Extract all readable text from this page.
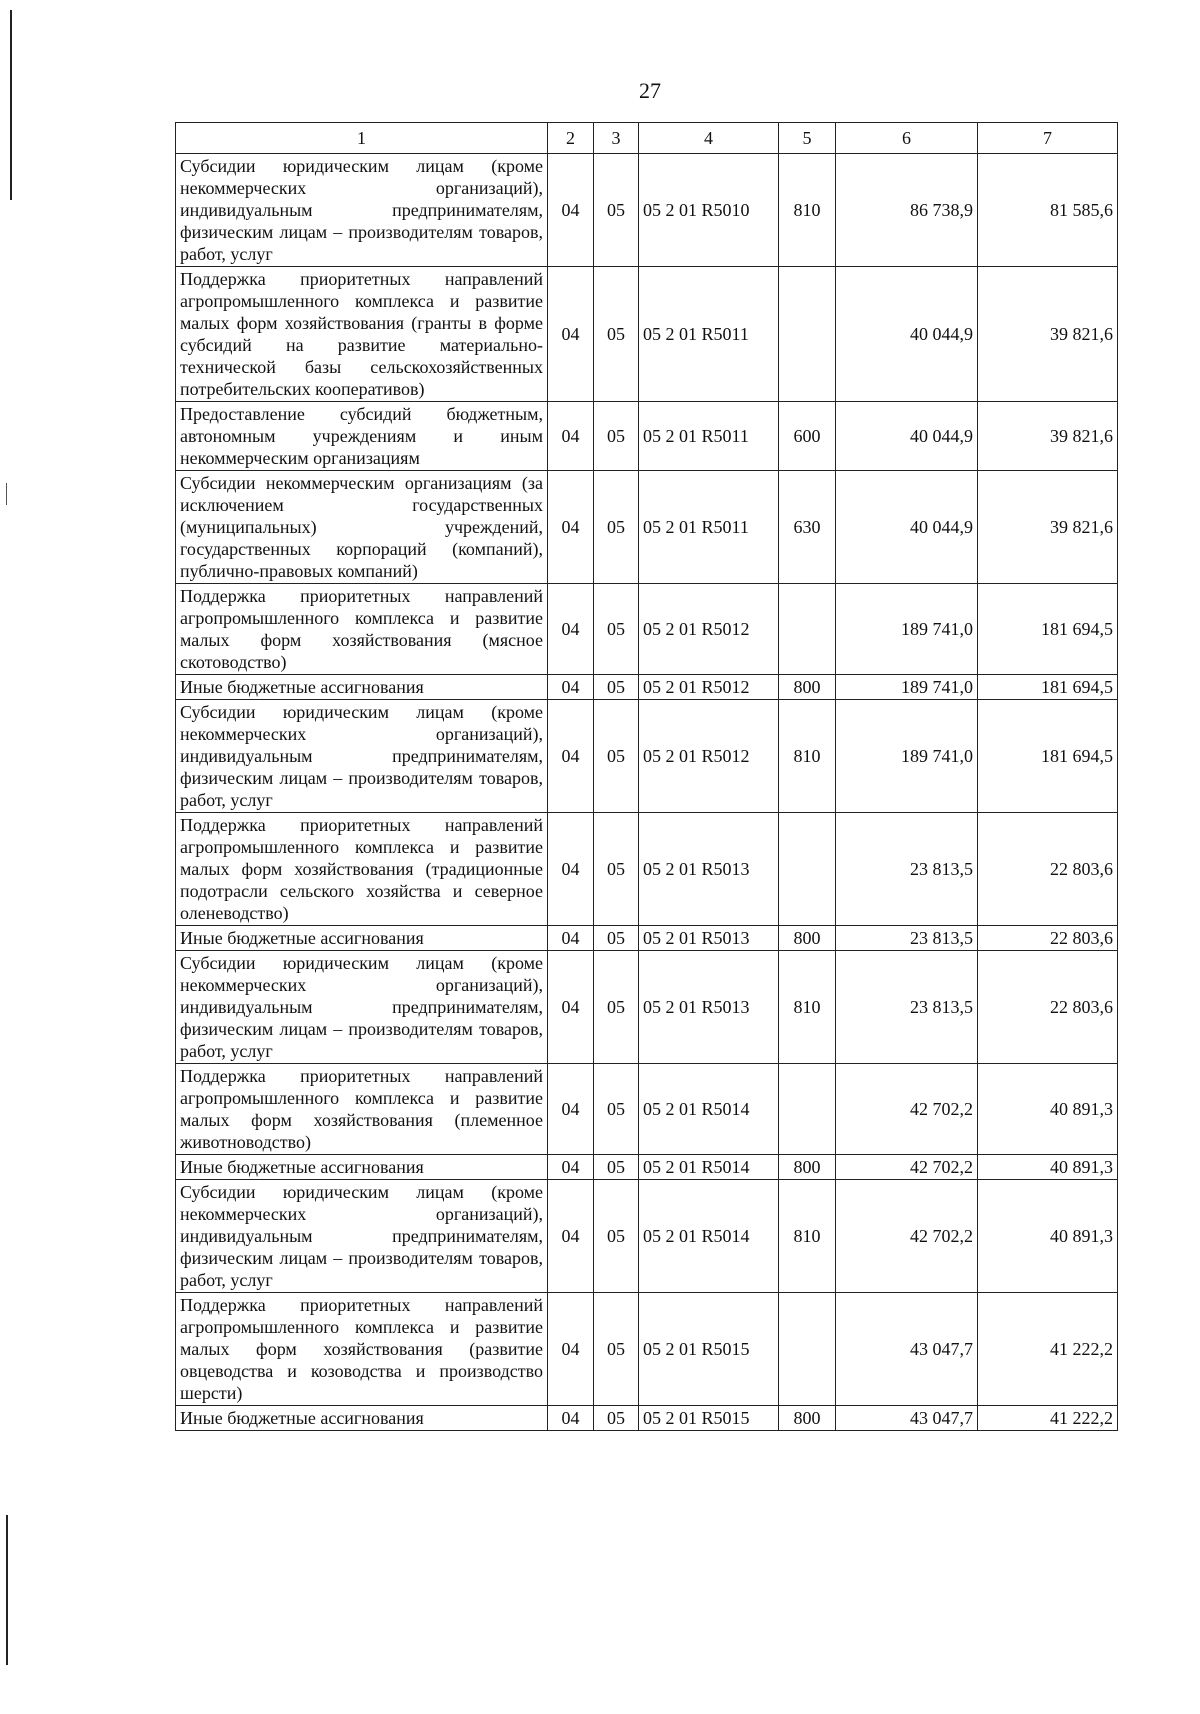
27
1	2	3	4	5	6	7
Субсидии юридическим лицам (кроме некоммерческих организаций), индивидуальным предпринимателям, физическим лицам – производителям товаров, работ, услуг	04	05	05 2 01 R5010	810	86 738,9	81 585,6
Поддержка приоритетных направлений агропромышленного комплекса и развитие малых форм хозяйствования (гранты в форме субсидий на развитие материально-технической базы сельскохозяйственных потребительских кооперативов)	04	05	05 2 01 R5011		40 044,9	39 821,6
Предоставление субсидий бюджетным, автономным учреждениям и иным некоммерческим организациям	04	05	05 2 01 R5011	600	40 044,9	39 821,6
Субсидии некоммерческим организациям (за исключением государственных (муниципальных) учреждений, государственных корпораций (компаний), публично-правовых компаний)	04	05	05 2 01 R5011	630	40 044,9	39 821,6
Поддержка приоритетных направлений агропромышленного комплекса и развитие малых форм хозяйствования (мясное скотоводство)	04	05	05 2 01 R5012		189 741,0	181 694,5
Иные бюджетные ассигнования	04	05	05 2 01 R5012	800	189 741,0	181 694,5
Субсидии юридическим лицам (кроме некоммерческих организаций), индивидуальным предпринимателям, физическим лицам – производителям товаров, работ, услуг	04	05	05 2 01 R5012	810	189 741,0	181 694,5
Поддержка приоритетных направлений агропромышленного комплекса и развитие малых форм хозяйствования (традиционные подотрасли сельского хозяйства и северное оленеводство)	04	05	05 2 01 R5013		23 813,5	22 803,6
Иные бюджетные ассигнования	04	05	05 2 01 R5013	800	23 813,5	22 803,6
Субсидии юридическим лицам (кроме некоммерческих организаций), индивидуальным предпринимателям, физическим лицам – производителям товаров, работ, услуг	04	05	05 2 01 R5013	810	23 813,5	22 803,6
Поддержка приоритетных направлений агропромышленного комплекса и развитие малых форм хозяйствования (племенное животноводство)	04	05	05 2 01 R5014		42 702,2	40 891,3
Иные бюджетные ассигнования	04	05	05 2 01 R5014	800	42 702,2	40 891,3
Субсидии юридическим лицам (кроме некоммерческих организаций), индивидуальным предпринимателям, физическим лицам – производителям товаров, работ, услуг	04	05	05 2 01 R5014	810	42 702,2	40 891,3
Поддержка приоритетных направлений агропромышленного комплекса и развитие малых форм хозяйствования (развитие овцеводства и козоводства и производство шерсти)	04	05	05 2 01 R5015		43 047,7	41 222,2
Иные бюджетные ассигнования	04	05	05 2 01 R5015	800	43 047,7	41 222,2
